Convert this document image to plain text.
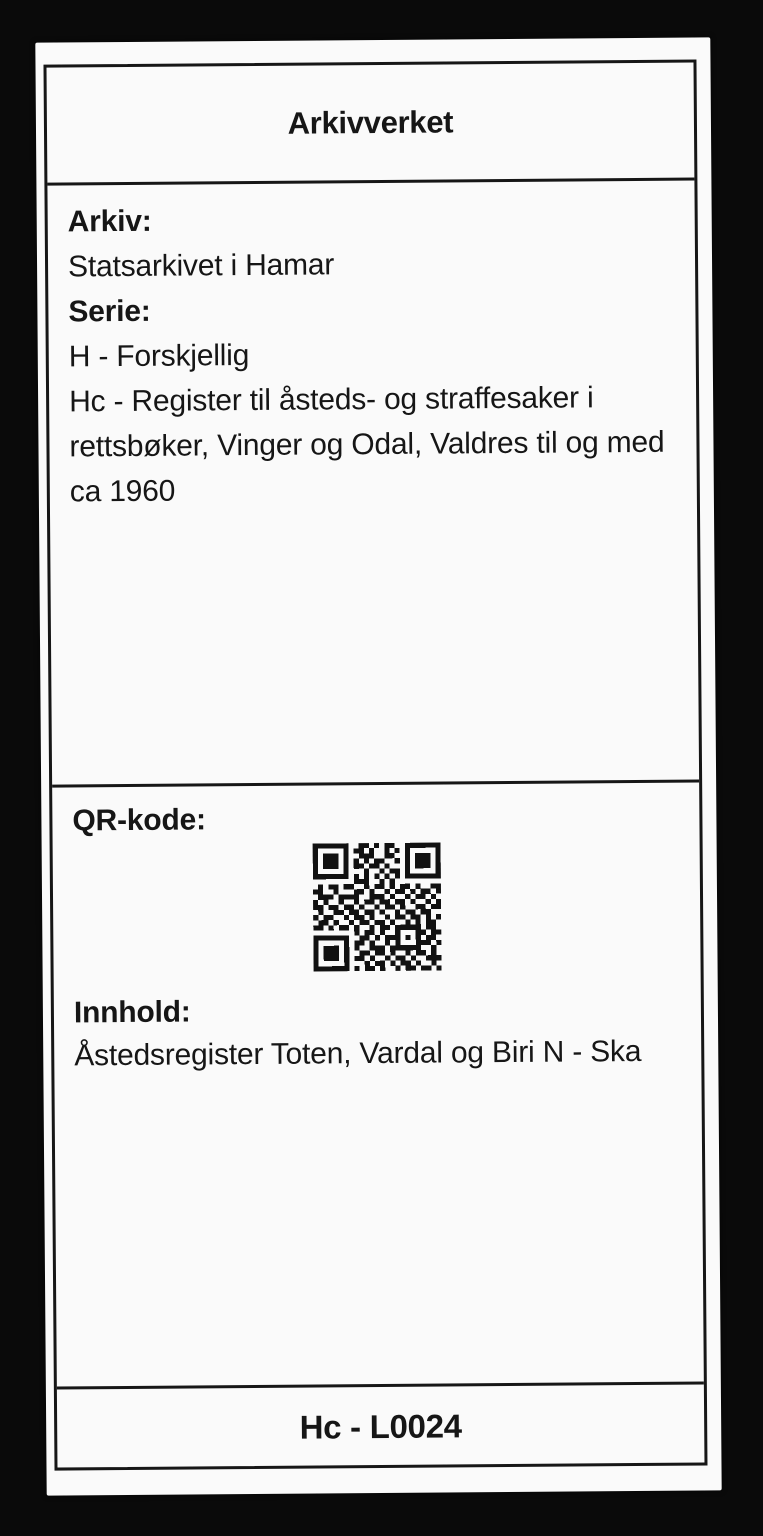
Arkivverket
Arkiv:
Statsarkivet i Hamar
Serie:
H - Forskjellig
Hc - Register til åsteds- og straffesaker i
rettsbøker, Vinger og Odal, Valdres til og med
ca 1960
QR-kode:
Innhold:
Åstedsregister Toten, Vardal og Biri N - Ska
Hc - L0024
